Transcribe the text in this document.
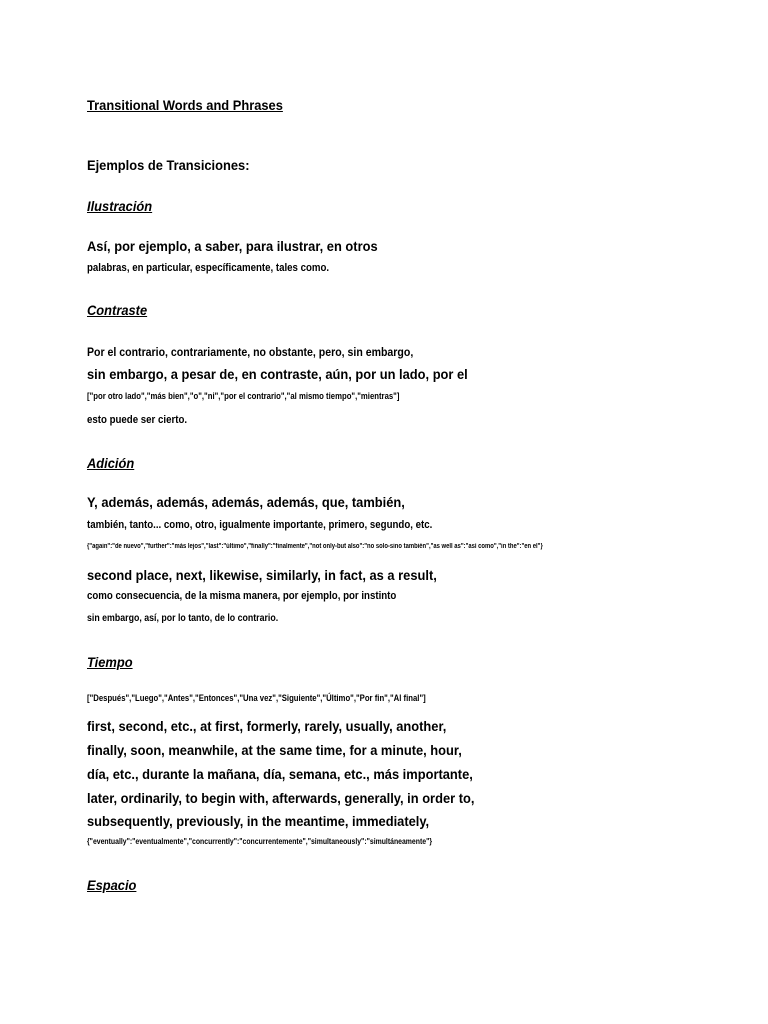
Transitional Words and Phrases
Ejemplos de Transiciones:
Ilustración
Así, por ejemplo, a saber, para ilustrar, en otros
palabras, en particular, específicamente, tales como.
Contraste
Por el contrario, contrariamente, no obstante, pero, sin embargo,
sin embargo, a pesar de, en contraste, aún, por un lado, por el
["por otro lado","más bien","o","ni","por el contrario","al mismo tiempo","mientras"]
esto puede ser cierto.
Adición
Y, además, además, además, además, que, también,
también, tanto... como, otro, igualmente importante, primero, segundo, etc.
{"again":"de nuevo","further":"más lejos","last":"último","finally":"finalmente","not only-but also":"no solo-sino también","as well as":"así como","in the":"en el"}
second place, next, likewise, similarly, in fact, as a result,
como consecuencia, de la misma manera, por ejemplo, por instinto
sin embargo, así, por lo tanto, de lo contrario.
Tiempo
["Después","Luego","Antes","Entonces","Una vez","Siguiente","Último","Por fin","Al final"]
first, second, etc., at first, formerly, rarely, usually, another,
finally, soon, meanwhile, at the same time, for a minute, hour,
día, etc., durante la mañana, día, semana, etc., más importante,
later, ordinarily, to begin with, afterwards, generally, in order to,
subsequently, previously, in the meantime, immediately,
{"eventually":"eventualmente","concurrently":"concurrentemente","simultaneously":"simultáneamente"}
Espacio
